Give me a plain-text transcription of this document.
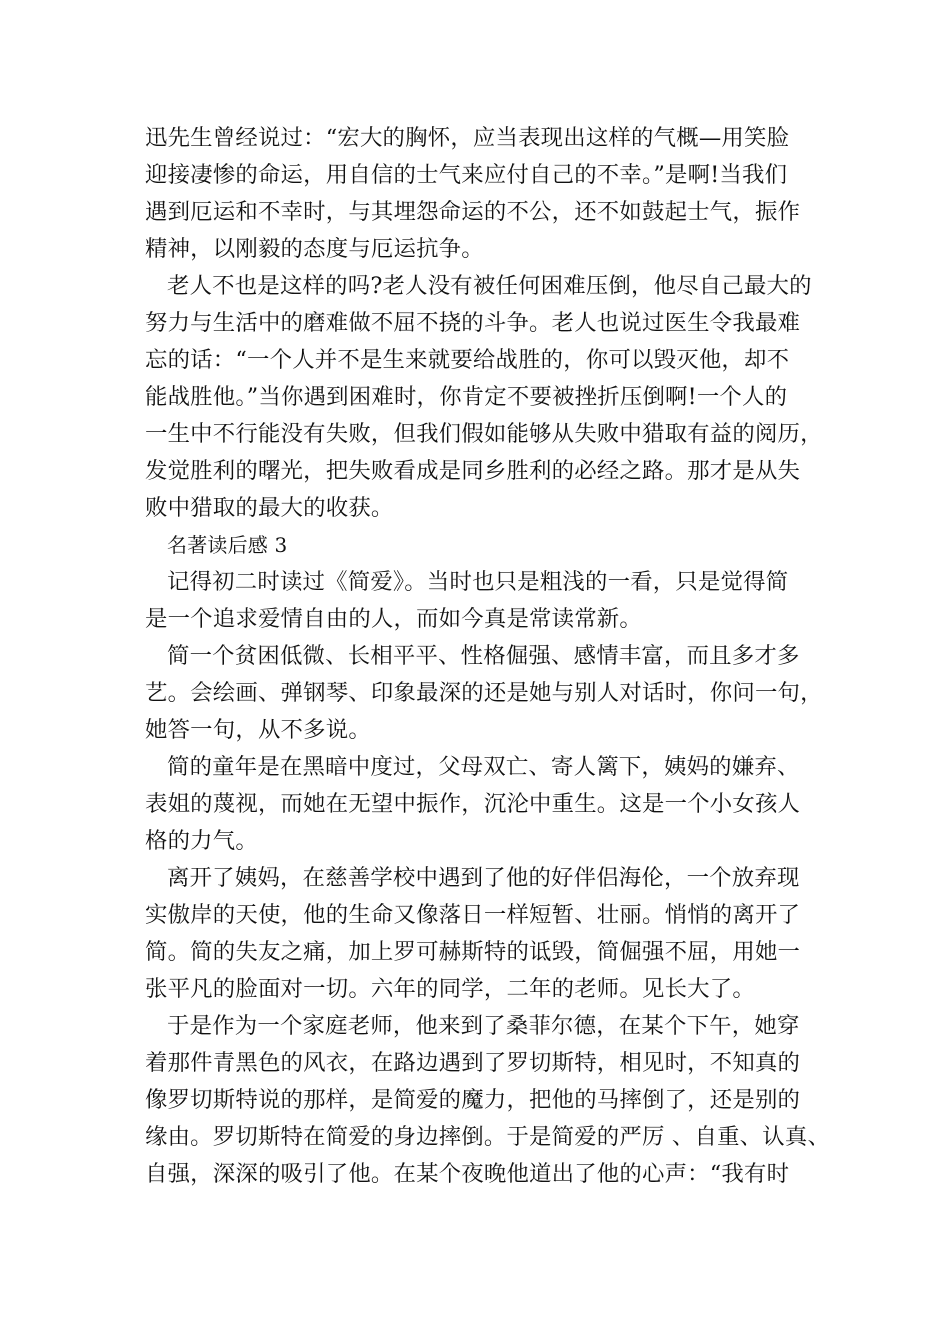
迅先生曾经说过：“宏大的胸怀，应当表现出这样的气概—用笑脸
迎接凄惨的命运，用自信的士气来应付自己的不幸。”是啊!当我们
遇到厄运和不幸时，与其埋怨命运的不公，还不如鼓起士气，振作
精神，以刚毅的态度与厄运抗争。
老人不也是这样的吗?老人没有被任何困难压倒，他尽自己最大的
努力与生活中的磨难做不屈不挠的斗争。老人也说过医生令我最难
忘的话：“一个人并不是生来就要给战胜的，你可以毁灭他，却不
能战胜他。”当你遇到困难时，你肯定不要被挫折压倒啊!一个人的
一生中不行能没有失败，但我们假如能够从失败中猎取有益的阅历，
发觉胜利的曙光，把失败看成是同乡胜利的必经之路。那才是从失
败中猎取的最大的收获。
名著读后感 3
记得初二时读过《简爱》。当时也只是粗浅的一看，只是觉得简
是一个追求爱情自由的人，而如今真是常读常新。
简一个贫困低微、长相平平、性格倔强、感情丰富，而且多才多
艺。会绘画、弹钢琴、印象最深的还是她与别人对话时，你问一句，
她答一句，从不多说。
简的童年是在黑暗中度过，父母双亡、寄人篱下，姨妈的嫌弃、
表姐的蔑视，而她在无望中振作，沉沦中重生。这是一个小女孩人
格的力气。
离开了姨妈，在慈善学校中遇到了他的好伴侣海伦，一个放弃现
实傲岸的天使，他的生命又像落日一样短暂、壮丽。悄悄的离开了
简。简的失友之痛，加上罗可赫斯特的诋毁，简倔强不屈，用她一
张平凡的脸面对一切。六年的同学，二年的老师。见长大了。
于是作为一个家庭老师，他来到了桑菲尔德，在某个下午，她穿
着那件青黑色的风衣，在路边遇到了罗切斯特，相见时，不知真的
像罗切斯特说的那样，是简爱的魔力，把他的马摔倒了，还是别的
缘由。罗切斯特在简爱的身边摔倒。于是简爱的严厉 、自重、认真、
自强，深深的吸引了他。在某个夜晚他道出了他的心声：“我有时
